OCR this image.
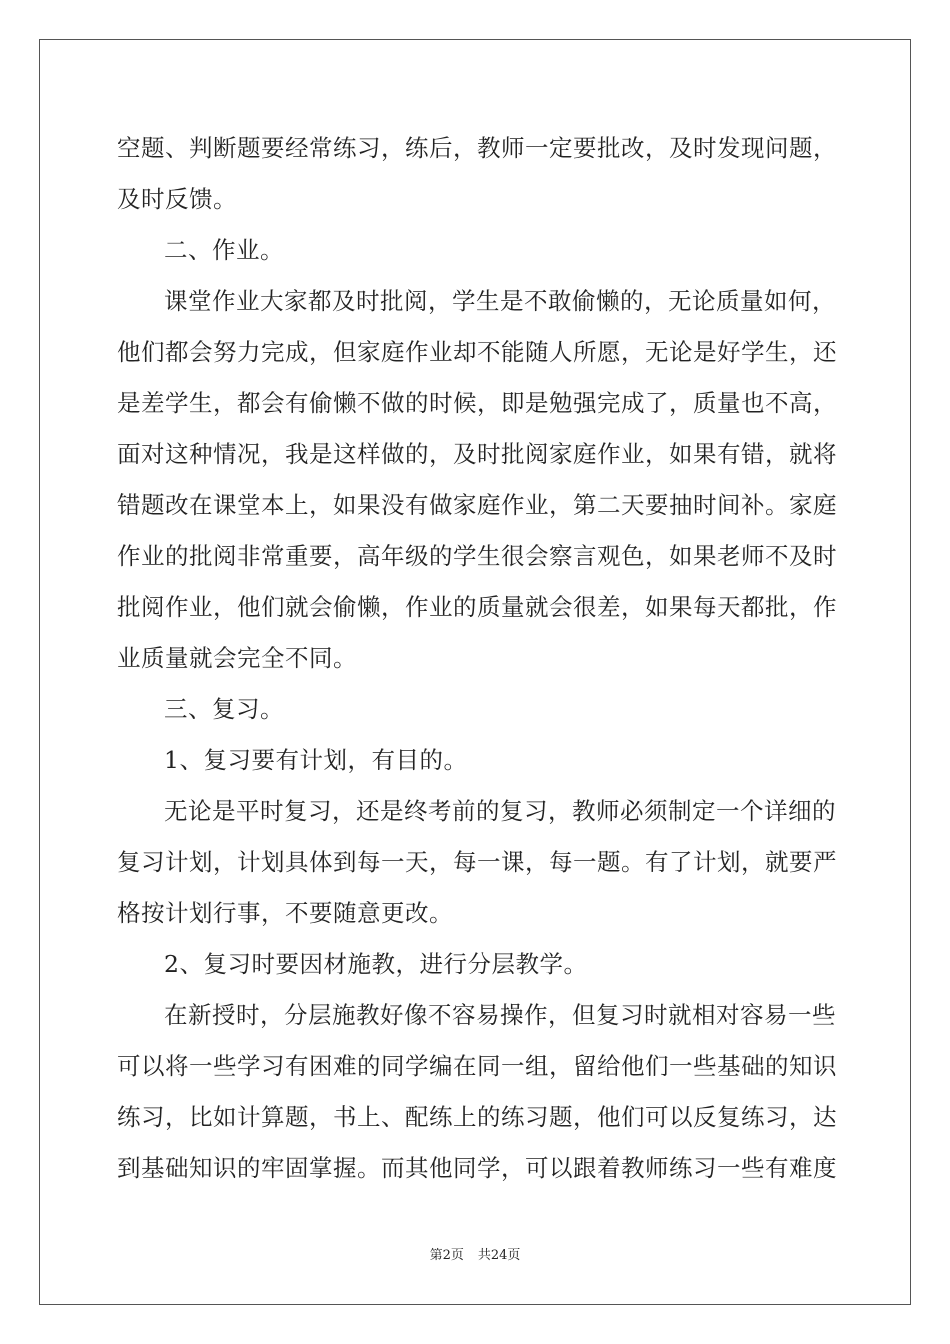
空题、判断题要经常练习，练后，教师一定要批改，及时发现问题，
及时反馈。
二、作业。
课堂作业大家都及时批阅，学生是不敢偷懒的，无论质量如何，
他们都会努力完成，但家庭作业却不能随人所愿，无论是好学生，还
是差学生，都会有偷懒不做的时候，即是勉强完成了，质量也不高，
面对这种情况，我是这样做的，及时批阅家庭作业，如果有错，就将
错题改在课堂本上，如果没有做家庭作业，第二天要抽时间补。家庭
作业的批阅非常重要，高年级的学生很会察言观色，如果老师不及时
批阅作业，他们就会偷懒，作业的质量就会很差，如果每天都批，作
业质量就会完全不同。
三、复习。
1、复习要有计划，有目的。
无论是平时复习，还是终考前的复习，教师必须制定一个详细的
复习计划，计划具体到每一天，每一课，每一题。有了计划，就要严
格按计划行事，不要随意更改。
2、复习时要因材施教，进行分层教学。
在新授时，分层施教好像不容易操作，但复习时就相对容易一些
可以将一些学习有困难的同学编在同一组，留给他们一些基础的知识
练习，比如计算题，书上、配练上的练习题，他们可以反复练习，达
到基础知识的牢固掌握。而其他同学，可以跟着教师练习一些有难度
第2页 共24页
